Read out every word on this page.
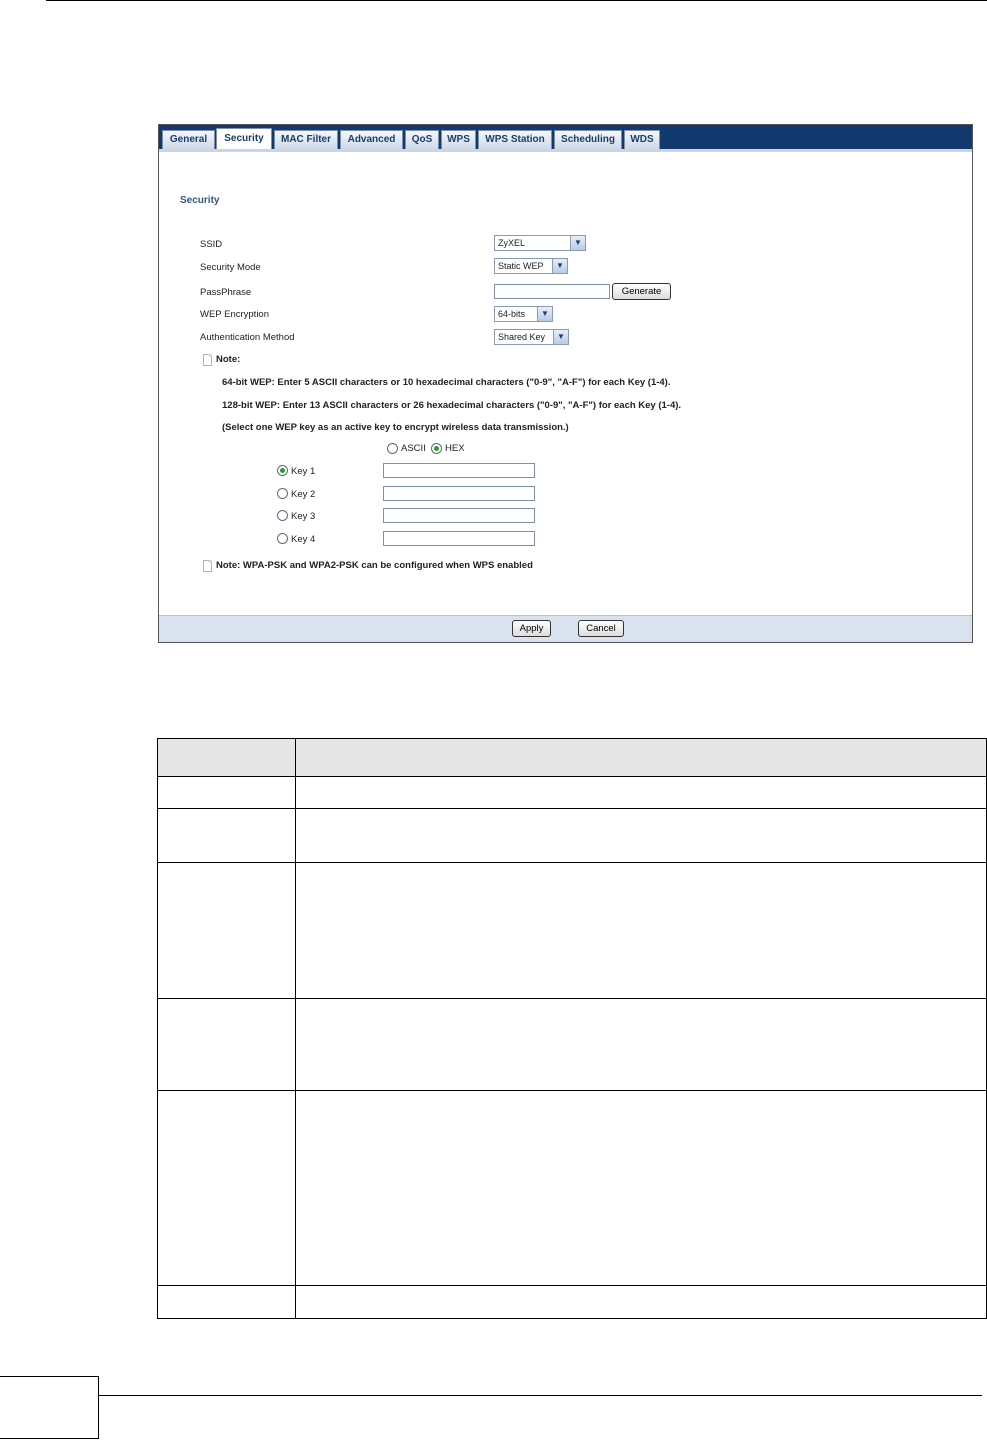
General	Security	MAC Filter	Advanced	QoS	WPS	WPS Station	Scheduling	WDS
Security
SSID	ZyXEL	▼
Security Mode	Static WEP	▼
PassPhrase	Generate
WEP Encryption	64-bits	▼
Authentication Method	Shared Key	▼
Note:
64-bit WEP: Enter 5 ASCII characters or 10 hexadecimal characters ("0-9", "A-F") for each Key (1-4).
128-bit WEP: Enter 13 ASCII characters or 26 hexadecimal characters ("0-9", "A-F") for each Key (1-4).
(Select one WEP key as an active key to encrypt wireless data transmission.)
ASCII HEX
Key 1
Key 2
Key 3
Key 4
Note: WPA-PSK and WPA2-PSK can be configured when WPS enabled
Apply	Cancel
